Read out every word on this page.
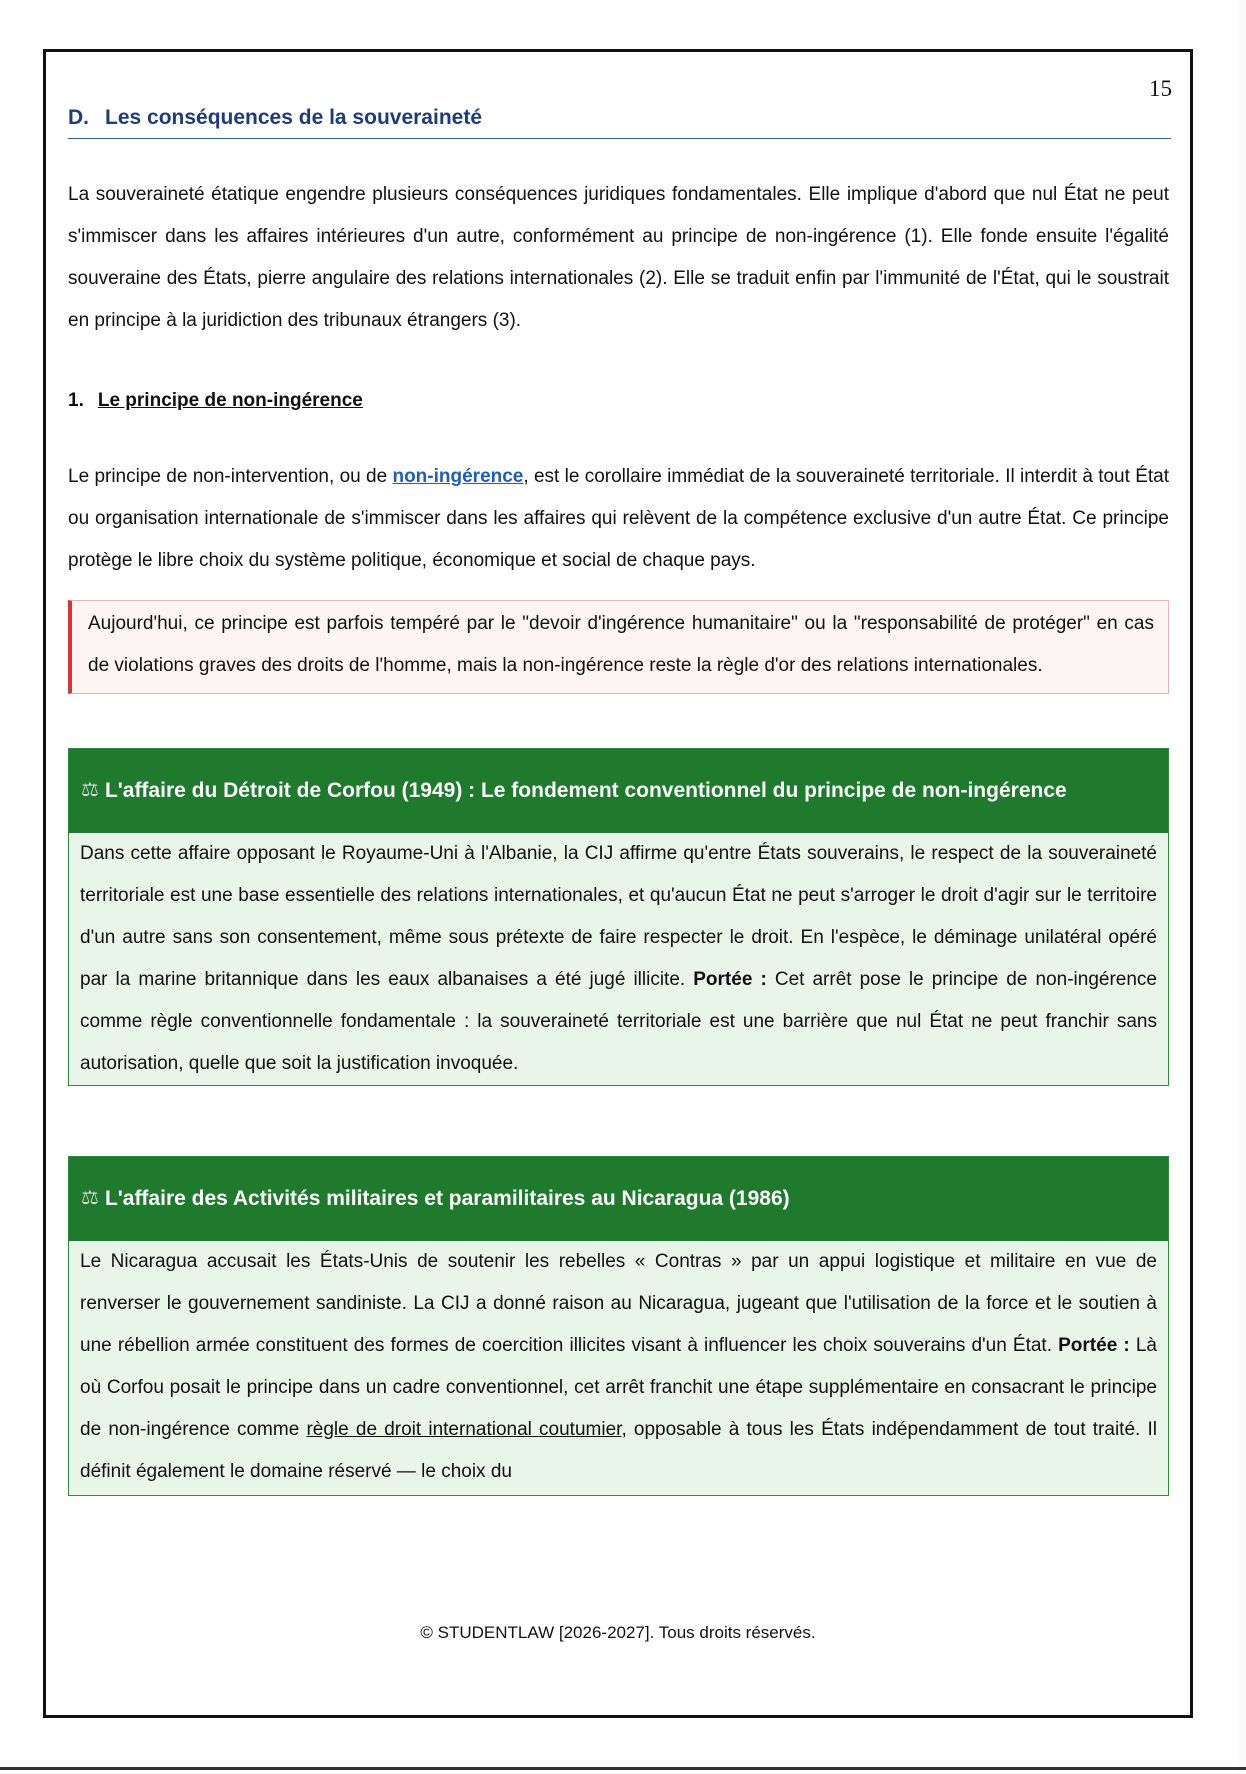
15
D. Les conséquences de la souveraineté

La souveraineté étatique engendre plusieurs conséquences juridiques fondamentales. Elle implique d'abord que nul État ne peut s'immiscer dans les affaires intérieures d'un autre, conformément au principe de non-ingérence (1). Elle fonde ensuite l'égalité souveraine des États, pierre angulaire des relations internationales (2). Elle se traduit enfin par l'immunité de l'État, qui le soustrait en principe à la juridiction des tribunaux étrangers (3).

1. Le principe de non-ingérence

Le principe de non-intervention, ou de non-ingérence, est le corollaire immédiat de la souveraineté territoriale. Il interdit à tout État ou organisation internationale de s'immiscer dans les affaires qui relèvent de la compétence exclusive d'un autre État. Ce principe protège le libre choix du système politique, économique et social de chaque pays.

Aujourd'hui, ce principe est parfois tempéré par le "devoir d'ingérence humanitaire" ou la "responsabilité de protéger" en cas de violations graves des droits de l'homme, mais la non-ingérence reste la règle d'or des relations internationales.
⚖ L'affaire du Détroit de Corfou (1949) : Le fondement conventionnel du principe de non-ingérence
Dans cette affaire opposant le Royaume-Uni à l'Albanie, la CIJ affirme qu'entre États souverains, le respect de la souveraineté territoriale est une base essentielle des relations internationales, et qu'aucun État ne peut s'arroger le droit d'agir sur le territoire d'un autre sans son consentement, même sous prétexte de faire respecter le droit. En l'espèce, le déminage unilatéral opéré par la marine britannique dans les eaux albanaises a été jugé illicite. Portée : Cet arrêt pose le principe de non-ingérence comme règle conventionnelle fondamentale : la souveraineté territoriale est une barrière que nul État ne peut franchir sans autorisation, quelle que soit la justification invoquée.
⚖ L'affaire des Activités militaires et paramilitaires au Nicaragua (1986)
Le Nicaragua accusait les États-Unis de soutenir les rebelles « Contras » par un appui logistique et militaire en vue de renverser le gouvernement sandiniste. La CIJ a donné raison au Nicaragua, jugeant que l'utilisation de la force et le soutien à une rébellion armée constituent des formes de coercition illicites visant à influencer les choix souverains d'un État. Portée : Là où Corfou posait le principe dans un cadre conventionnel, cet arrêt franchit une étape supplémentaire en consacrant le principe de non-ingérence comme règle de droit international coutumier, opposable à tous les États indépendamment de tout traité. Il définit également le domaine réservé — le choix du
© STUDENTLAW [2026-2027]. Tous droits réservés.
